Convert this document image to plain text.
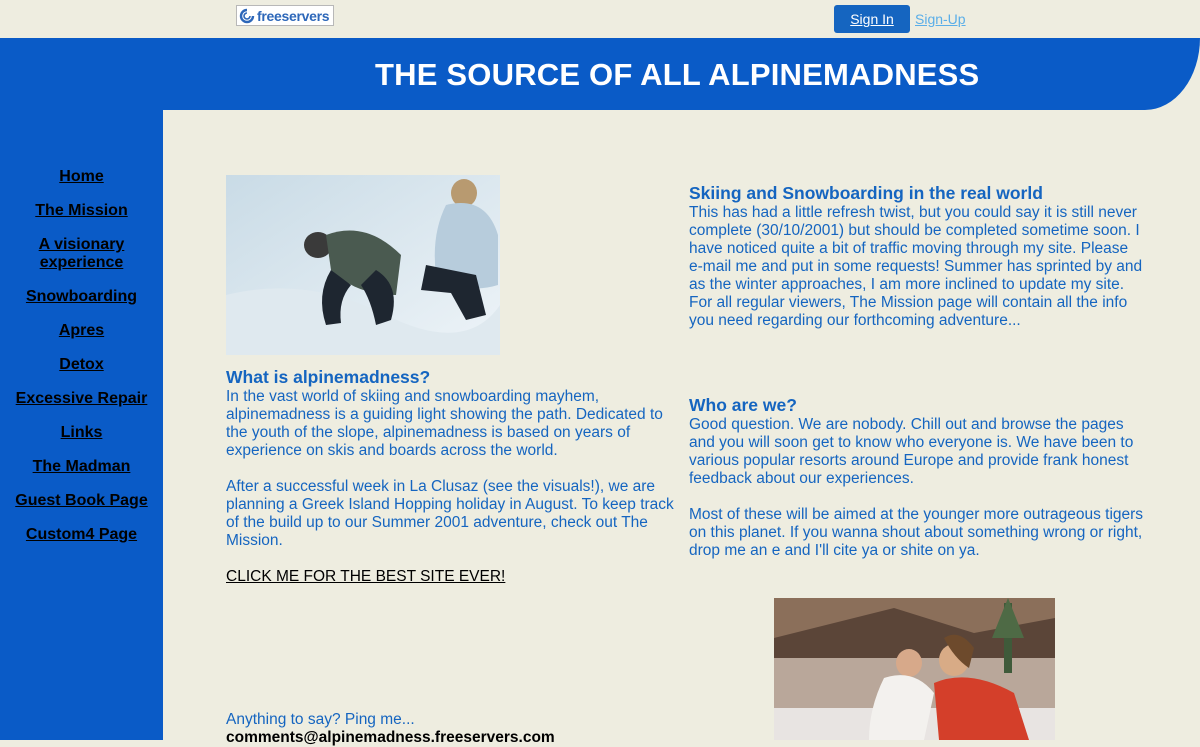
freeservers	Sign In	Sign-Up
THE SOURCE OF ALL ALPINEMADNESS
Home
The Mission
A visionary experience
Snowboarding
Apres
Detox
Excessive Repair
Links
The Madman
Guest Book Page
Custom4 Page
What is alpinemadness?

In the vast world of skiing and snowboarding mayhem, alpinemadness is a guiding light showing the path. Dedicated to the youth of the slope, alpinemadness is based on years of experience on skis and boards across the world.

After a successful week in La Clusaz (see the visuals!), we are planning a Greek Island Hopping holiday in August. To keep track of the build up to our Summer 2001 adventure, check out The Mission.

CLICK ME FOR THE BEST SITE EVER!

Anything to say? Ping me...

comments@alpinemadness.freeservers.com
Skiing and Snowboarding in the real world

This has had a little refresh twist, but you could say it is still never complete (30/10/2001) but should be completed sometime soon. I have noticed quite a bit of traffic moving through my site. Please e-mail me and put in some requests! Summer has sprinted by and as the winter approaches, I am more inclined to update my site. For all regular viewers, The Mission page will contain all the info you need regarding our forthcoming adventure...

Who are we?

Good question. We are nobody. Chill out and browse the pages and you will soon get to know who everyone is. We have been to various popular resorts around Europe and provide frank honest feedback about our experiences.

Most of these will be aimed at the younger more outrageous tigers on this planet. If you wanna shout about something wrong or right, drop me an e and I'll cite ya or shite on ya.
